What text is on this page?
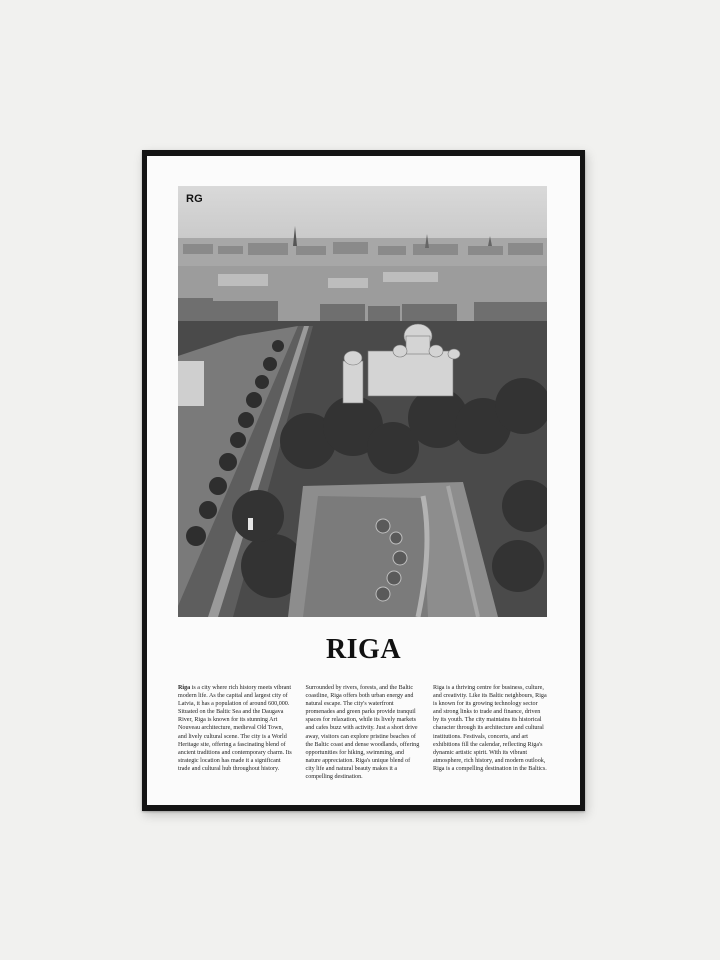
RG
RIGA
Riga is a city where rich history meets vibrant modern life. As the capital and largest city of Latvia, it has a population of around 600,000. Situated on the Baltic Sea and the Daugava River, Riga is known for its stunning Art Nouveau architecture, medieval Old Town, and lively cultural scene. The city is a World Heritage site, offering a fascinating blend of ancient traditions and contemporary charm. Its strategic location has made it a significant trade and cultural hub throughout history.
Surrounded by rivers, forests, and the Baltic coastline, Riga offers both urban energy and natural escape. The city's waterfront promenades and green parks provide tranquil spaces for relaxation, while its lively markets and cafes buzz with activity. Just a short drive away, visitors can explore pristine beaches of the Baltic coast and dense woodlands, offering opportunities for hiking, swimming, and nature appreciation. Riga's unique blend of city life and natural beauty makes it a compelling destination.
Riga is a thriving centre for business, culture, and creativity. Like its Baltic neighbours, Riga is known for its growing technology sector and strong links to trade and finance, driven by its youth. The city maintains its historical character through its architecture and cultural institutions. Festivals, concerts, and art exhibitions fill the calendar, reflecting Riga's dynamic artistic spirit. With its vibrant atmosphere, rich history, and modern outlook, Riga is a compelling destination in the Baltics.
